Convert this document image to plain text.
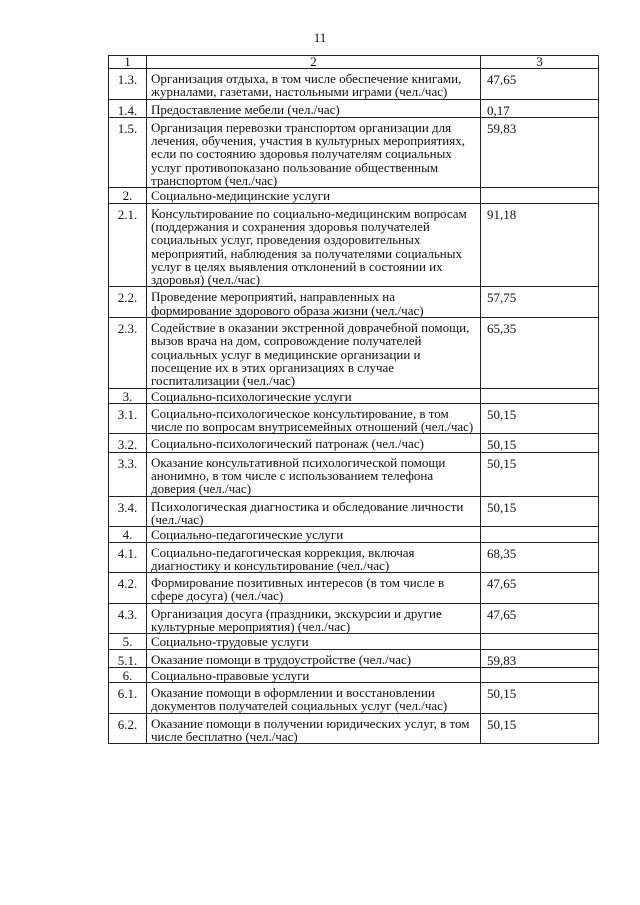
11
1	2	3
1.3.	Организация отдыха, в том числе обеспечение книгами, журналами, газетами, настольными играми (чел./час)	47,65
1.4.	Предоставление мебели (чел./час)	0,17
1.5.	Организация перевозки транспортом организации для лечения, обучения, участия в культурных мероприятиях, если по состоянию здоровья получателям социальных услуг противопоказано пользование общественным транспортом (чел./час)	59,83
2.	Социально-медицинские услуги	
2.1.	Консультирование по социально-медицинским вопросам (поддержания и сохранения здоровья получателей социальных услуг, проведения оздоровительных мероприятий, наблюдения за получателями социальных услуг в целях выявления отклонений в состоянии их здоровья) (чел./час)	91,18
2.2.	Проведение мероприятий, направленных на формирование здорового образа жизни (чел./час)	57,75
2.3.	Содействие в оказании экстренной доврачебной помощи, вызов врача на дом, сопровождение получателей социальных услуг в медицинские организации и посещение их в этих организациях в случае госпитализации (чел./час)	65,35
3.	Социально-психологические услуги	
3.1.	Социально-психологическое консультирование, в том числе по вопросам внутрисемейных отношений (чел./час)	50,15
3.2.	Социально-психологический патронаж (чел./час)	50,15
3.3.	Оказание консультативной психологической помощи анонимно, в том числе с использованием телефона доверия (чел./час)	50,15
3.4.	Психологическая диагностика и обследование личности (чел./час)	50,15
4.	Социально-педагогические услуги	
4.1.	Социально-педагогическая коррекция, включая диагностику и консультирование (чел./час)	68,35
4.2.	Формирование позитивных интересов (в том числе в сфере досуга) (чел./час)	47,65
4.3.	Организация досуга (праздники, экскурсии и другие культурные мероприятия) (чел./час)	47,65
5.	Социально-трудовые услуги	
5.1.	Оказание помощи в трудоустройстве (чел./час)	59,83
6.	Социально-правовые услуги	
6.1.	Оказание помощи в оформлении и восстановлении документов получателей социальных услуг (чел./час)	50,15
6.2.	Оказание помощи в получении юридических услуг, в том числе бесплатно (чел./час)	50,15
